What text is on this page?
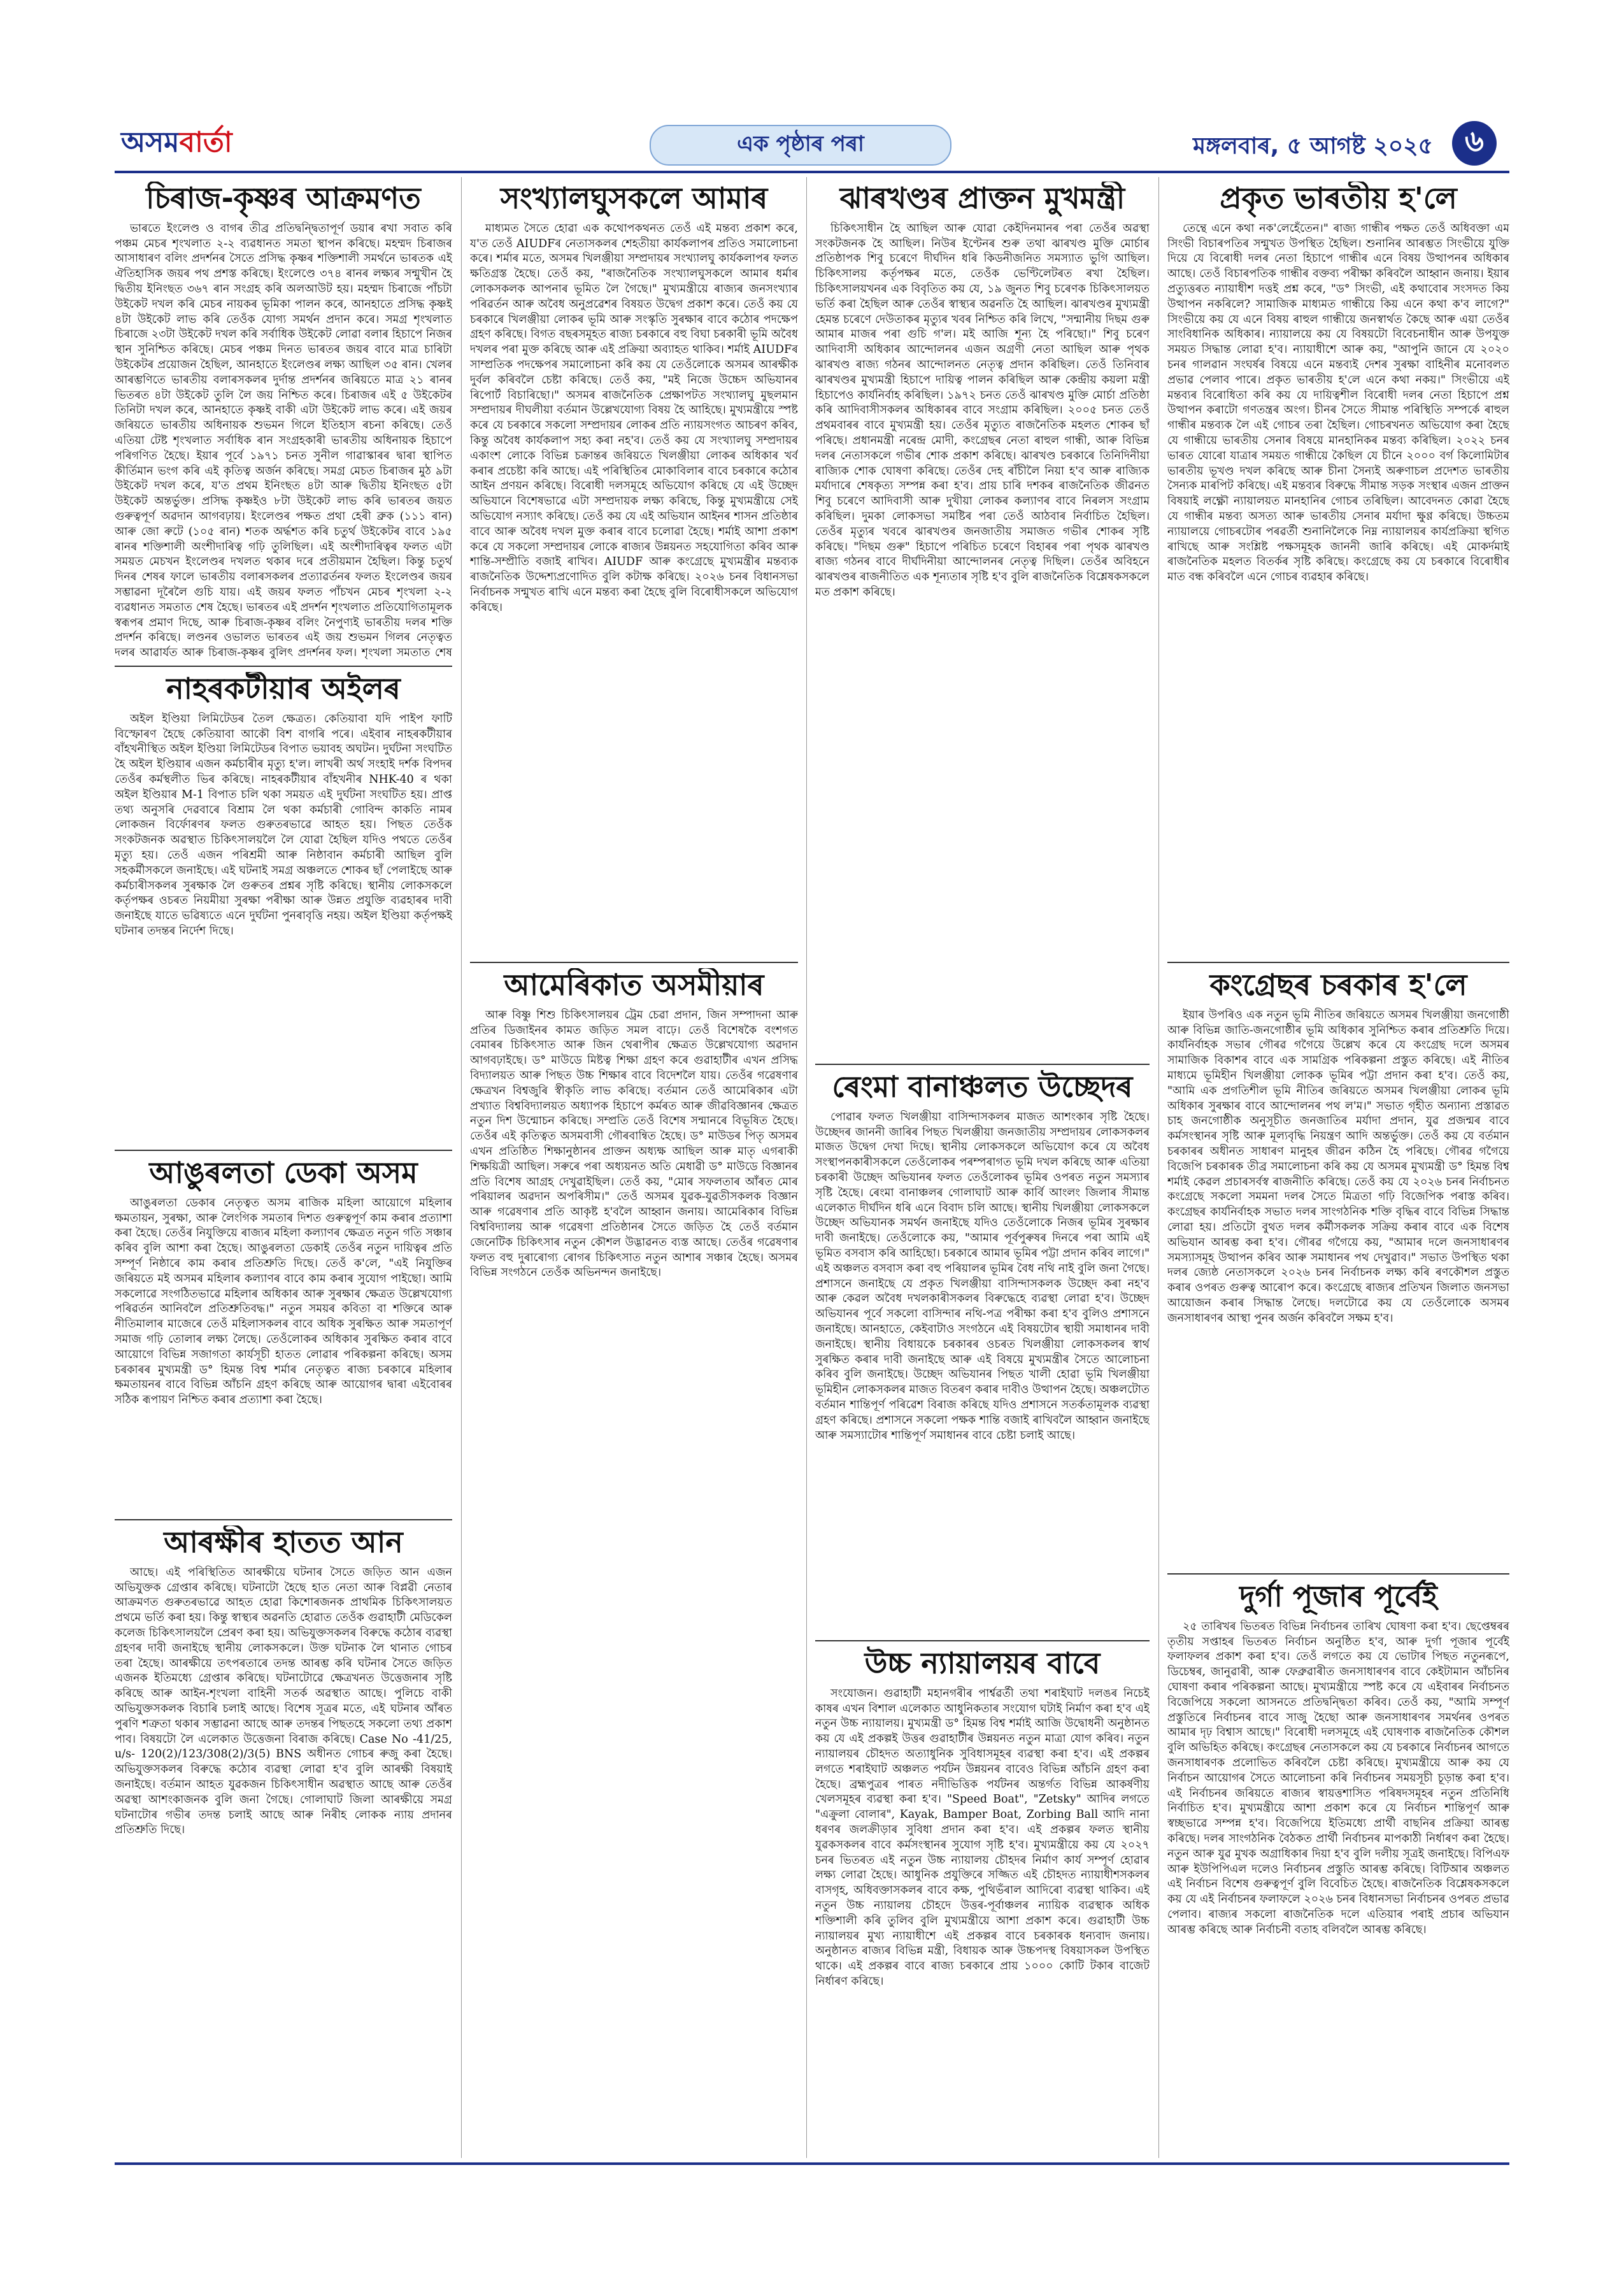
অসম বাৰ্তা	এক পৃষ্ঠাৰ পৰা	মঙ্গলবাৰ, ৫ আগষ্ট ২০২৫	৬
চিৰাজ-কৃষ্ণৰ আক্ৰমণত

ভাৰতে ইংলেণ্ড ও বাগৰ তীব্ৰ প্ৰতিদ্বন্দ্বিতাপূৰ্ণ ডয়াৰ ৰখা সবাত কৰি পঞ্চম মেচৰ শৃংখলাত ২-২ ব্যৱধানত সমতা স্থাপন কৰিছে। মহম্মদ চিৰাজৰ আসাধাৰণ বলিং প্ৰদৰ্শনৰ সৈতে প্ৰসিদ্ধ কৃষ্ণৰ শক্তিশালী সমৰ্থনে ভাৰতক এই ঐতিহাসিক জয়ৰ পথ প্ৰশস্ত কৰিছে। ইংলেণ্ডে ৩৭৪ ৰানৰ লক্ষ্যৰ সন্মুখীন হৈ দ্বিতীয় ইনিংছত ৩৬৭ ৰান সংগ্ৰহ কৰি অলআউট হয়। মহম্মদ চিৰাজে পাঁচটা উইকেট দখল কৰি মেচৰ নায়কৰ ভূমিকা পালন কৰে, আনহাতে প্ৰসিদ্ধ কৃষ্ণই ৪টা উইকেট লাভ কৰি তেওঁক যোগ্য সমৰ্থন প্ৰদান কৰে। সমগ্ৰ শৃংখলাত চিৰাজে ২৩টা উইকেট দখল কৰি সৰ্বাধিক উইকেট লোৱা বলাৰ হিচাপে নিজৰ স্থান সুনিশ্চিত কৰিছে। মেচৰ পঞ্চম দিনত ভাৰতৰ জয়ৰ বাবে মাত্ৰ চাৰিটা উইকেটৰ প্ৰয়োজন হৈছিল, আনহাতে ইংলেণ্ডৰ লক্ষ্য আছিল ৩৫ ৰান। খেলৰ আৰম্ভণিতে ভাৰতীয় বলাৰসকলৰ দুৰ্দান্ত প্ৰদৰ্শনৰ জৰিয়তে মাত্ৰ ২১ ৰানৰ ভিতৰত ৪টা উইকেট তুলি লৈ জয় নিশ্চিত কৰে। চিৰাজৰ এই ৫ উইকেটৰ তিনিটা দখল কৰে, আনহাতে কৃষ্ণই বাকী এটা উইকেট লাভ কৰে। এই জয়ৰ জৰিয়তে ভাৰতীয় অধিনায়ক শুভমন গিলে ইতিহাস ৰচনা কৰিছে। তেওঁ এতিয়া টেষ্ট শৃংখলাত সৰ্বাধিক ৰান সংগ্ৰহকাৰী ভাৰতীয় অধিনায়ক হিচাপে পৰিগণিত হৈছে। ইয়াৰ পূৰ্বে ১৯৭১ চনত সুনীল গাৱাস্কাৰৰ দ্বাৰা স্থাপিত কীৰ্তিমান ভংগ কৰি এই কৃতিত্ব অৰ্জন কৰিছে। সমগ্ৰ মেচত চিৰাজৰ মুঠ ৯টা উইকেট দখল কৰে, য'ত প্ৰথম ইনিংছত ৪টা আৰু দ্বিতীয় ইনিংছত ৫টা উইকেট অন্তৰ্ভুক্ত। প্ৰসিদ্ধ কৃষ্ণইও ৮টা উইকেট লাভ কৰি ভাৰতৰ জয়ত গুৰুত্বপূৰ্ণ অৱদান আগবঢ়ায়। ইংলেণ্ডৰ পক্ষত প্ৰথা হেৰী ব্ৰুক (১১১ ৰান) আৰু জো ৰুটে (১০৫ ৰান) শতক অৰ্দ্ধশত কৰি চতুৰ্থ উইকেটৰ বাবে ১৯৫ ৰানৰ শক্তিশালী অংশীদাৰিত্ব গঢ়ি তুলিছিল। এই অংশীদাৰিত্বৰ ফলত এটা সময়ত মেচখন ইংলেণ্ডৰ দখলত থকাৰ দৰে প্ৰতীয়মান হৈছিল। কিন্তু চতুৰ্থ দিনৰ শেষৰ ফালে ভাৰতীয় বলাৰসকলৰ প্ৰত্যাৱৰ্তনৰ ফলত ইংলেণ্ডৰ জয়ৰ সম্ভাৱনা দূৰৈলৈ গুচি যায়। এই জয়ৰ ফলত পাঁচখন মেচৰ শৃংখলা ২-২ ব্যৱধানত সমতাত শেষ হৈছে। ভাৰতৰ এই প্ৰদৰ্শন শৃংখলাত প্ৰতিযোগিতামূলক স্বৰূপৰ প্ৰমাণ দিছে, আৰু চিৰাজ-কৃষ্ণৰ বলিং নৈপুণ্যই ভাৰতীয় দলৰ শক্তি প্ৰদৰ্শন কৰিছে। লণ্ডনৰ ওভালত ভাৰতৰ এই জয় শুভমন গিলৰ নেতৃত্বত দলৰ আৱাৰ্যত আৰু চিৰাজ-কৃষ্ণৰ বুলিৎ প্ৰদৰ্শনৰ ফল। শৃংখলা সমতাত শেষ

নাহৰকটীয়াৰ অইলৰ

অইল ইণ্ডিয়া লিমিটেডৰ তৈল ক্ষেত্ৰত। কেতিয়াবা যদি পাইপ ফাটি বিস্ফোৰণ হৈছে কেতিয়াবা আকৌ বিশ বাগৰি পৰে। এইবাৰ নাহৰকটীয়াৰ বাঁহখনীস্থিত অইল ইণ্ডিয়া লিমিটেডৰ বিপাত ভয়াবহ অঘটন। দুৰ্ঘটনা সংঘটিত হৈ অইল ইণ্ডিয়াৰ এজন কৰ্মচাৰীৰ মৃত্যু হ'ল। লাখৰী অৰ্থ সংহাই দৰ্শক বিপদৰ তেওঁৰ কৰ্মস্থলীত ভিৰ কৰিছে। নাহৰকটীয়াৰ বাঁহখনীৰ NHK-40 ৰ থকা অইল ইণ্ডিয়াৰ M-1 বিপাত চলি থকা সময়ত এই দুৰ্ঘটনা সংঘটিত হয়। প্ৰাপ্ত তথ্য অনুসৰি দেৱবাৰে বিশ্ৰাম লৈ থকা কৰ্মচাৰী গোবিন্দ কাকতি নামৰ লোকজন বিৰ্ফোৰণৰ ফলত গুৰুতৰভাৱে আহত হয়। পিছত তেওঁক সংকটজনক অৱস্থাত চিকিৎসালয়লৈ লৈ যোৱা হৈছিল যদিও পথতে তেওঁৰ মৃত্যু হয়। তেওঁ এজন পৰিশ্ৰমী আৰু নিষ্ঠাবান কৰ্মচাৰী আছিল বুলি সহকৰ্মীসকলে জনাইছে। এই ঘটনাই সমগ্ৰ অঞ্চলতে শোকৰ ছাঁ পেলাইছে আৰু কৰ্মচাৰীসকলৰ সুৰক্ষাক লৈ গুৰুতৰ প্ৰশ্নৰ সৃষ্টি কৰিছে। স্থানীয় লোকসকলে কৰ্তৃপক্ষৰ ওচৰত নিয়মীয়া সুৰক্ষা পৰীক্ষা আৰু উন্নত প্ৰযুক্তি ব্যৱহাৰৰ দাবী জনাইছে যাতে ভৱিষ্যতে এনে দুৰ্ঘটনা পুনৰাবৃত্তি নহয়। অইল ইণ্ডিয়া কৰ্তৃপক্ষই ঘটনাৰ তদন্তৰ নিৰ্দেশ দিছে।

আঙুৰলতা ডেকা অসম

আঙুৰলতা ডেকাৰ নেতৃত্বত অসম ৰাজিক মহিলা আয়োগে মহিলাৰ ক্ষমতায়ন, সুৰক্ষা, আৰু লৈংগিক সমতাৰ দিশত গুৰুত্বপূৰ্ণ কাম কৰাৰ প্ৰত্যাশা কৰা হৈছে। তেওঁৰ নিযুক্তিয়ে ৰাজ্যৰ মহিলা কল্যাণৰ ক্ষেত্ৰত নতুন গতি সঞ্চাৰ কৰিব বুলি আশা কৰা হৈছে। আঙুৰলতা ডেকাই তেওঁৰ নতুন দায়িত্বৰ প্ৰতি সম্পূৰ্ণ নিষ্ঠাৰে কাম কৰাৰ প্ৰতিশ্ৰুতি দিছে। তেওঁ ক'লে, "এই নিযুক্তিৰ জৰিয়তে মই অসমৰ মহিলাৰ কল্যাণৰ বাবে কাম কৰাৰ সুযোগ পাইছো। আমি সকলোৱে সংগঠিতভাৱে মহিলাৰ অধিকাৰ আৰু সুৰক্ষাৰ ক্ষেত্ৰত উল্লেখযোগ্য পৰিৱৰ্তন আনিবলৈ প্ৰতিশ্ৰুতিবদ্ধ।" নতুন সময়ৰ কবিতা বা শক্তিৰে আৰু নীতিমালাৰ মাজেৰে তেওঁ মহিলাসকলৰ বাবে অধিক সুৰক্ষিত আৰু সমতাপূৰ্ণ সমাজ গঢ়ি তোলাৰ লক্ষ্য লৈছে। তেওঁলোকৰ অধিকাৰ সুৰক্ষিত কৰাৰ বাবে আয়োগে বিভিন্ন সজাগতা কাৰ্যসূচী হাতত লোৱাৰ পৰিকল্পনা কৰিছে। অসম চৰকাৰৰ মুখ্যমন্ত্ৰী ড° হিমন্ত বিশ্ব শৰ্মাৰ নেতৃত্বত ৰাজ্য চৰকাৰে মহিলাৰ ক্ষমতায়নৰ বাবে বিভিন্ন আঁচনি গ্ৰহণ কৰিছে আৰু আয়োগৰ দ্বাৰা এইবোৰৰ সঠিক ৰূপায়ণ নিশ্চিত কৰাৰ প্ৰত্যাশা কৰা হৈছে।

আৰক্ষীৰ হাতত আন

আছে। এই পৰিস্থিতিত আৰক্ষীয়ে ঘটনাৰ সৈতে জড়িত আন এজন অভিযুক্তক গ্ৰেপ্তাৰ কৰিছে। ঘটনাটো হৈছে হাত নেতা আৰু বিপ্লৱী নেতাৰ আক্ৰমণত গুৰুতৰভাৱে আহত হোৱা কিশোৰজনক প্ৰাথমিক চিকিৎসালয়ত প্ৰথমে ভৰ্তি কৰা হয়। কিন্তু স্বাস্থ্যৰ অৱনতি হোৱাত তেওঁক গুৱাহাটী মেডিকেল কলেজ চিকিৎসালয়লৈ প্ৰেৰণ কৰা হয়। অভিযুক্তসকলৰ বিৰুদ্ধে কঠোৰ ব্যৱস্থা গ্ৰহণৰ দাবী জনাইছে স্থানীয় লোকসকলে। উক্ত ঘটনাক লৈ থানাত গোচৰ তৰা হৈছে। আৰক্ষীয়ে তৎপৰতাৰে তদন্ত আৰম্ভ কৰি ঘটনাৰ সৈতে জড়িত এজনক ইতিমধ্যে গ্ৰেপ্তাৰ কৰিছে। ঘটনাটোৱে ক্ষেত্ৰখনত উত্তেজনাৰ সৃষ্টি কৰিছে আৰু আইন-শৃংখলা বাহিনী সতৰ্ক অৱস্থাত আছে। পুলিচে বাকী অভিযুক্তসকলক বিচাৰি চলাই আছে। বিশেষ সূত্ৰৰ মতে, এই ঘটনাৰ আঁৰত পুৰণি শত্ৰুতা থকাৰ সম্ভাৱনা আছে আৰু তদন্তৰ পিছতহে সকলো তথ্য প্ৰকাশ পাব। বিষয়টো লৈ এলেকাত উত্তেজনা বিৰাজ কৰিছে। Case No -41/25, u/s- 120(2)/123/308(2)/3(5) BNS অধীনত গোচৰ ৰুজু কৰা হৈছে। অভিযুক্তসকলৰ বিৰুদ্ধে কঠোৰ ব্যৱস্থা লোৱা হ'ব বুলি আৰক্ষী বিষয়াই জনাইছে। বৰ্তমান আহত যুৱকজন চিকিৎসাধীন অৱস্থাত আছে আৰু তেওঁৰ অৱস্থা আশংকাজনক বুলি জনা গৈছে। গোলাঘাট জিলা আৰক্ষীয়ে সমগ্ৰ ঘটনাটোৰ গভীৰ তদন্ত চলাই আছে আৰু নিৰীহ লোকক ন্যায় প্ৰদানৰ প্ৰতিশ্ৰুতি দিছে।

সংখ্যালঘুসকলে আমাৰ

মাধ্যমত সৈতে হোৱা এক কথোপকথনত তেওঁ এই মন্তব্য প্ৰকাশ কৰে, য'ত তেওঁ AIUDFৰ নেতাসকলৰ শেহতীয়া কাৰ্যকলাপৰ প্ৰতিও সমালোচনা কৰে। শৰ্মাৰ মতে, অসমৰ খিলঞ্জীয়া সম্প্ৰদায়ৰ সংখ্যালঘু কাৰ্যকলাপৰ ফলত ক্ষতিগ্ৰস্ত হৈছে। তেওঁ কয়, "ৰাজনৈতিক সংখ্যালঘুসকলে আমাৰ ধৰ্মাৰ লোকসকলক আপনাৰ ভূমিত লৈ গৈছে।" মুখ্যমন্ত্ৰীয়ে ৰাজ্যৰ জনসংখ্যাৰ পৰিৱৰ্তন আৰু অবৈধ অনুপ্ৰৱেশৰ বিষয়ত উদ্বেগ প্ৰকাশ কৰে। তেওঁ কয় যে চৰকাৰে খিলঞ্জীয়া লোকৰ ভূমি আৰু সংস্কৃতি সুৰক্ষাৰ বাবে কঠোৰ পদক্ষেপ গ্ৰহণ কৰিছে। বিগত বছৰসমূহত ৰাজ্য চৰকাৰে বহু বিঘা চৰকাৰী ভূমি অবৈধ দখলৰ পৰা মুক্ত কৰিছে আৰু এই প্ৰক্ৰিয়া অব্যাহত থাকিব। শৰ্মাই AIUDFৰ সাম্প্ৰতিক পদক্ষেপৰ সমালোচনা কৰি কয় যে তেওঁলোকে অসমৰ আৰক্ষীক দুৰ্বল কৰিবলৈ চেষ্টা কৰিছে। তেওঁ কয়, "মই নিজে উচ্চেদ অভিযানৰ ৰিপোৰ্ট বিচাৰিছো।" অসমৰ ৰাজনৈতিক প্ৰেক্ষাপটত সংখ্যালঘু মুছলমান সম্প্ৰদায়ৰ দীঘলীয়া বৰ্তমান উল্লেখযোগ্য বিষয় হৈ আহিছে। মুখ্যমন্ত্ৰীয়ে স্পষ্ট কৰে যে চৰকাৰে সকলো সম্প্ৰদায়ৰ লোকৰ প্ৰতি ন্যায়সংগত আচৰণ কৰিব, কিন্তু অবৈধ কাৰ্যকলাপ সহ্য কৰা নহ'ব। তেওঁ কয় যে সংখ্যালঘু সম্প্ৰদায়ৰ একাংশ লোকে বিভিন্ন চক্ৰান্তৰ জৰিয়তে খিলঞ্জীয়া লোকৰ অধিকাৰ খৰ্ব কৰাৰ প্ৰচেষ্টা কৰি আছে। এই পৰিস্থিতিৰ মোকাবিলাৰ বাবে চৰকাৰে কঠোৰ আইন প্ৰণয়ন কৰিছে। বিৰোধী দলসমূহে অভিযোগ কৰিছে যে এই উচ্ছেদ অভিযানে বিশেষভাৱে এটা সম্প্ৰদায়ক লক্ষ্য কৰিছে, কিন্তু মুখ্যমন্ত্ৰীয়ে সেই অভিযোগ নস্যাৎ কৰিছে। তেওঁ কয় যে এই অভিযান আইনৰ শাসন প্ৰতিষ্ঠাৰ বাবে আৰু অবৈধ দখল মুক্ত কৰাৰ বাবে চলোৱা হৈছে। শৰ্মাই আশা প্ৰকাশ কৰে যে সকলো সম্প্ৰদায়ৰ লোকে ৰাজ্যৰ উন্নয়নত সহযোগিতা কৰিব আৰু শান্তি-সম্প্ৰীতি বজাই ৰাখিব। AIUDF আৰু কংগ্ৰেছে মুখ্যমন্ত্ৰীৰ মন্তব্যক ৰাজনৈতিক উদ্দেশ্যপ্ৰণোদিত বুলি কটাক্ষ কৰিছে। ২০২৬ চনৰ বিধানসভা নিৰ্বাচনক সন্মুখত ৰাখি এনে মন্তব্য কৰা হৈছে বুলি বিৰোধীসকলে অভিযোগ কৰিছে।

আমেৰিকাত অসমীয়াৰ

আৰু বিষ্ণু শিশু চিকিৎসালয়ৰ ট্ৰেম চেৱা প্ৰদান, জিন সম্পাদনা আৰু প্ৰতিৰ ডিজাইনৰ কামত জড়িত সমল বাঢ়ে। তেওঁ বিশেষকৈ বংশগত বেমাৰৰ চিকিৎসাত আৰু জিন থেৰাপীৰ ক্ষেত্ৰত উল্লেখযোগ্য অৱদান আগবঢ়াইছে। ড° মাউডে মিষ্টত্ব শিক্ষা গ্ৰহণ কৰে গুৱাহাটীৰ এখন প্ৰসিদ্ধ বিদ্যালয়ত আৰু পিছত উচ্চ শিক্ষাৰ বাবে বিদেশলৈ যায়। তেওঁৰ গৱেষণাৰ ক্ষেত্ৰখন বিশ্বজুৰি স্বীকৃতি লাভ কৰিছে। বৰ্তমান তেওঁ আমেৰিকাৰ এটা প্ৰখ্যাত বিশ্ববিদ্যালয়ত অধ্যাপক হিচাপে কৰ্মৰত আৰু জীৱবিজ্ঞানৰ ক্ষেত্ৰত নতুন দিশ উন্মোচন কৰিছে। সম্প্ৰতি তেওঁ বিশেষ সন্মানৰে বিভূষিত হৈছে। তেওঁৰ এই কৃতিত্বত অসমবাসী গৌৰবান্বিত হৈছে। ড° মাউডৰ পিতৃ অসমৰ এখন প্ৰতিষ্ঠিত শিক্ষানুষ্ঠানৰ প্ৰাক্তন অধ্যক্ষ আছিল আৰু মাতৃ এগৰাকী শিক্ষয়িত্ৰী আছিল। সৰুৰে পৰা অধ্যয়নত অতি মেধাৱী ড° মাউডে বিজ্ঞানৰ প্ৰতি বিশেষ আগ্ৰহ দেখুৱাইছিল। তেওঁ কয়, "মোৰ সফলতাৰ আঁৰত মোৰ পৰিয়ালৰ অৱদান অপৰিসীম।" তেওঁ অসমৰ যুৱক-যুৱতীসকলক বিজ্ঞান আৰু গৱেষণাৰ প্ৰতি আকৃষ্ট হ'বলৈ আহ্বান জনায়। আমেৰিকাৰ বিভিন্ন বিশ্ববিদ্যালয় আৰু গৱেষণা প্ৰতিষ্ঠানৰ সৈতে জড়িত হৈ তেওঁ বৰ্তমান জেনেটিক চিকিৎসাৰ নতুন কৌশল উদ্ভাৱনত ব্যস্ত আছে। তেওঁৰ গৱেষণাৰ ফলত বহু দুৰাৰোগ্য ৰোগৰ চিকিৎসাত নতুন আশাৰ সঞ্চাৰ হৈছে। অসমৰ বিভিন্ন সংগঠনে তেওঁক অভিনন্দন জনাইছে।

ঝাৰখণ্ডৰ প্ৰাক্তন মুখমন্ত্ৰী

চিকিৎসাধীন হৈ আছিল আৰু যোৱা কেইদিনমানৰ পৰা তেওঁৰ অৱস্থা সংকটজনক হৈ আছিল। নিউৰ ইণ্টেনৰ শুৰু তথা ঝাৰখণ্ড মুক্তি মোৰ্চাৰ প্ৰতিষ্ঠাপক শিবু চৰেণে দীৰ্ঘদিন ধৰি কিডনীজনিত সমস্যাত ভুগি আছিল। চিকিৎসালয় কৰ্তৃপক্ষৰ মতে, তেওঁক ভেণ্টিলেটৰত ৰখা হৈছিল। চিকিৎসালয়খনৰ এক বিবৃতিত কয় যে, ১৯ জুনত শিবু চৰেণক চিকিৎসালয়ত ভৰ্তি কৰা হৈছিল আৰু তেওঁৰ স্বাস্থ্যৰ অৱনতি হৈ আছিল। ঝাৰখণ্ডৰ মুখ্যমন্ত্ৰী হেমন্ত চৰেণে দেউতাকৰ মৃত্যুৰ খবৰ নিশ্চিত কৰি লিখে, "সন্মানীয় দিছম গুৰু আমাৰ মাজৰ পৰা গুচি গ'ল। মই আজি শূন্য হৈ পৰিছো।" শিবু চৰেণ আদিবাসী অধিকাৰ আন্দোলনৰ এজন অগ্ৰণী নেতা আছিল আৰু পৃথক ঝাৰখণ্ড ৰাজ্য গঠনৰ আন্দোলনত নেতৃত্ব প্ৰদান কৰিছিল। তেওঁ তিনিবাৰ ঝাৰখণ্ডৰ মুখ্যমন্ত্ৰী হিচাপে দায়িত্ব পালন কৰিছিল আৰু কেন্দ্ৰীয় কয়লা মন্ত্ৰী হিচাপেও কাৰ্যনিৰ্বাহ কৰিছিল। ১৯৭২ চনত তেওঁ ঝাৰখণ্ড মুক্তি মোৰ্চা প্ৰতিষ্ঠা কৰি আদিবাসীসকলৰ অধিকাৰৰ বাবে সংগ্ৰাম কৰিছিল। ২০০৫ চনত তেওঁ প্ৰথমবাৰৰ বাবে মুখ্যমন্ত্ৰী হয়। তেওঁৰ মৃত্যুত ৰাজনৈতিক মহলত শোকৰ ছাঁ পৰিছে। প্ৰধানমন্ত্ৰী নৰেন্দ্ৰ মোদী, কংগ্ৰেছৰ নেতা ৰাহুল গান্ধী, আৰু বিভিন্ন দলৰ নেতাসকলে গভীৰ শোক প্ৰকাশ কৰিছে। ঝাৰখণ্ড চৰকাৰে তিনিদিনীয়া ৰাজ্যিক শোক ঘোষণা কৰিছে। তেওঁৰ দেহ ৰাঁচীলৈ নিয়া হ'ব আৰু ৰাজ্যিক মৰ্যাদাৰে শেষকৃত্য সম্পন্ন কৰা হ'ব। প্ৰায় চাৰি দশকৰ ৰাজনৈতিক জীৱনত শিবু চৰেণে আদিবাসী আৰু দুখীয়া লোকৰ কল্যাণৰ বাবে নিৰলস সংগ্ৰাম কৰিছিল। দুমকা লোকসভা সমষ্টিৰ পৰা তেওঁ আঠবাৰ নিৰ্বাচিত হৈছিল। তেওঁৰ মৃত্যুৰ খবৰে ঝাৰখণ্ডৰ জনজাতীয় সমাজত গভীৰ শোকৰ সৃষ্টি কৰিছে। "দিছম গুৰু" হিচাপে পৰিচিত চৰেণে বিহাৰৰ পৰা পৃথক ঝাৰখণ্ড ৰাজ্য গঠনৰ বাবে দীৰ্ঘদিনীয়া আন্দোলনৰ নেতৃত্ব দিছিল। তেওঁৰ অবিহনে ঝাৰখণ্ডৰ ৰাজনীতিত এক শূন্যতাৰ সৃষ্টি হ'ব বুলি ৰাজনৈতিক বিশ্লেষকসকলে মত প্ৰকাশ কৰিছে।

ৰেংমা বানাঞ্চলত উচ্ছেদৰ

পোৱাৰ ফলত খিলঞ্জীয়া বাসিন্দাসকলৰ মাজত আশংকাৰ সৃষ্টি হৈছে। উচ্ছেদৰ জাননী জাৰিৰ পিছত খিলঞ্জীয়া জনজাতীয় সম্প্ৰদায়ৰ লোকসকলৰ মাজত উদ্বেগ দেখা দিছে। স্থানীয় লোকসকলে অভিযোগ কৰে যে অবৈধ সংস্থাপনকাৰীসকলে তেওঁলোকৰ পৰম্পৰাগত ভূমি দখল কৰিছে আৰু এতিয়া চৰকাৰী উচ্ছেদ অভিযানৰ ফলত তেওঁলোকৰ ভূমিৰ ওপৰত নতুন সমস্যাৰ সৃষ্টি হৈছে। ৰেংমা বানাঞ্চলৰ গোলাঘাট আৰু কাৰ্বি আংলং জিলাৰ সীমান্ত এলেকাত দীৰ্ঘদিন ধৰি এনে বিবাদ চলি আছে। স্থানীয় খিলঞ্জীয়া লোকসকলে উচ্ছেদ অভিযানক সমৰ্থন জনাইছে যদিও তেওঁলোকে নিজৰ ভূমিৰ সুৰক্ষাৰ দাবী জনাইছে। তেওঁলোকে কয়, "আমাৰ পূৰ্বপুৰুষৰ দিনৰে পৰা আমি এই ভূমিত বসবাস কৰি আহিছো। চৰকাৰে আমাৰ ভূমিৰ পট্টা প্ৰদান কৰিব লাগে।" এই অঞ্চলত বসবাস কৰা বহু পৰিয়ালৰ ভূমিৰ বৈধ নথি নাই বুলি জনা গৈছে। প্ৰশাসনে জনাইছে যে প্ৰকৃত খিলঞ্জীয়া বাসিন্দাসকলক উচ্ছেদ কৰা নহ'ব আৰু কেৱল অবৈধ দখলকাৰীসকলৰ বিৰুদ্ধেহে ব্যৱস্থা লোৱা হ'ব। উচ্ছেদ অভিযানৰ পূৰ্বে সকলো বাসিন্দাৰ নথি-পত্ৰ পৰীক্ষা কৰা হ'ব বুলিও প্ৰশাসনে জনাইছে। আনহাতে, কেইবাটাও সংগঠনে এই বিষয়টোৰ স্থায়ী সমাধানৰ দাবী জনাইছে। স্থানীয় বিধায়কে চৰকাৰৰ ওচৰত খিলঞ্জীয়া লোকসকলৰ স্বাৰ্থ সুৰক্ষিত কৰাৰ দাবী জনাইছে আৰু এই বিষয়ে মুখ্যমন্ত্ৰীৰ সৈতে আলোচনা কৰিব বুলি জনাইছে। উচ্ছেদ অভিযানৰ পিছত খালী হোৱা ভূমি খিলঞ্জীয়া ভূমিহীন লোকসকলৰ মাজত বিতৰণ কৰাৰ দাবীও উত্থাপন হৈছে। অঞ্চলটোত বৰ্তমান শান্তিপূৰ্ণ পৰিৱেশ বিৰাজ কৰিছে যদিও প্ৰশাসনে সতৰ্কতামূলক ব্যৱস্থা গ্ৰহণ কৰিছে। প্ৰশাসনে সকলো পক্ষক শান্তি বজাই ৰাখিবলৈ আহ্বান জনাইছে আৰু সমস্যাটোৰ শান্তিপূৰ্ণ সমাধানৰ বাবে চেষ্টা চলাই আছে।

উচ্চ ন্যায়ালয়ৰ বাবে

সংযোজন। গুৱাহাটী মহানগৰীৰ পাৰ্শ্বৱৰ্তী তথা শৰাইঘাট দলঙৰ নিচেই কাষৰ এখন বিশাল এলেকাত আধুনিকতাৰ সংযোগ ঘটাই নিৰ্মাণ কৰা হ'ব এই নতুন উচ্চ ন্যায়ালয়। মুখ্যমন্ত্ৰী ড° হিমন্ত বিশ্ব শৰ্মাই আজি উদ্বোধনী অনুষ্ঠানত কয় যে এই প্ৰকল্পই উত্তৰ গুৱাহাটীৰ উন্নয়নত নতুন মাত্ৰা যোগ কৰিব। নতুন ন্যায়ালয়ৰ চৌহদত অত্যাধুনিক সুবিধাসমূহৰ ব্যৱস্থা কৰা হ'ব। এই প্ৰকল্পৰ লগতে শৰাইঘাট অঞ্চলত পৰ্যটন উন্নয়নৰ বাবেও বিভিন্ন আঁচনি গ্ৰহণ কৰা হৈছে। ব্ৰহ্মপুত্ৰৰ পাৰত নদীভিত্তিক পৰ্যটনৰ অন্তৰ্গত বিভিন্ন আকৰ্ষণীয় খেলসমূহৰ ব্যৱস্থা কৰা হ'ব। "Speed Boat", "Zetsky" আদিৰ লগতে "এক্ৰুলা বোলাৰ", Kayak, Bamper Boat, Zorbing Ball আদি নানা ধৰণৰ জলক্ৰীড়াৰ সুবিধা প্ৰদান কৰা হ'ব। এই প্ৰকল্পৰ ফলত স্থানীয় যুৱকসকলৰ বাবে কৰ্মসংস্থানৰ সুযোগ সৃষ্টি হ'ব। মুখ্যমন্ত্ৰীয়ে কয় যে ২০২৭ চনৰ ভিতৰত এই নতুন উচ্চ ন্যায়ালয় চৌহদৰ নিৰ্মাণ কাৰ্য সম্পূৰ্ণ হোৱাৰ লক্ষ্য লোৱা হৈছে। আধুনিক প্ৰযুক্তিৰে সজ্জিত এই চৌহদত ন্যায়াধীশসকলৰ বাসগৃহ, অধিবক্তাসকলৰ বাবে কক্ষ, পুথিভঁৰাল আদিৰো ব্যৱস্থা থাকিব। এই নতুন উচ্চ ন্যায়ালয় চৌহদে উত্তৰ-পূৰ্বাঞ্চলৰ ন্যায়িক ব্যৱস্থাক অধিক শক্তিশালী কৰি তুলিব বুলি মুখ্যমন্ত্ৰীয়ে আশা প্ৰকাশ কৰে। গুৱাহাটী উচ্চ ন্যায়ালয়ৰ মুখ্য ন্যায়াধীশে এই প্ৰকল্পৰ বাবে চৰকাৰক ধন্যবাদ জনায়। অনুষ্ঠানত ৰাজ্যৰ বিভিন্ন মন্ত্ৰী, বিধায়ক আৰু উচ্চপদস্থ বিষয়াসকল উপস্থিত থাকে। এই প্ৰকল্পৰ বাবে ৰাজ্য চৰকাৰে প্ৰায় ১০০০ কোটি টকাৰ বাজেট নিৰ্ধাৰণ কৰিছে।

প্ৰকৃত ভাৰতীয় হ'লে

তেন্থে এনে কথা নক'লেহেঁতেন।" ৰাজ্য গান্ধীৰ পক্ষত তেওঁ অধিবক্তা এম সিংভী বিচাৰপতিৰ সন্মুখত উপস্থিত হৈছিল। শুনানিৰ আৰম্ভত সিংভীয়ে যুক্তি দিয়ে যে বিৰোধী দলৰ নেতা হিচাপে গান্ধীৰ এনে বিষয় উত্থাপনৰ অধিকাৰ আছে। তেওঁ বিচাৰপতিক গান্ধীৰ বক্তব্য পৰীক্ষা কৰিবলৈ আহ্বান জনায়। ইয়াৰ প্ৰত্যুত্তৰত ন্যায়াধীশ দত্তই প্ৰশ্ন কৰে, "ড° সিংভী, এই কথাবোৰ সংসদত কিয় উত্থাপন নকৰিলে? সামাজিক মাধ্যমত গান্ধীয়ে কিয় এনে কথা ক'ব লাগে?" সিংভীয়ে কয় যে এনে বিষয় ৰাহুল গান্ধীয়ে জনস্বাৰ্থত কৈছে আৰু এয়া তেওঁৰ সাংবিধানিক অধিকাৰ। ন্যায়ালয়ে কয় যে বিষয়টো বিবেচনাধীন আৰু উপযুক্ত সময়ত সিদ্ধান্ত লোৱা হ'ব। ন্যায়াধীশে আৰু কয়, "আপুনি জানে যে ২০২০ চনৰ গালৱান সংঘৰ্ষৰ বিষয়ে এনে মন্তব্যই দেশৰ সুৰক্ষা বাহিনীৰ মনোবলত প্ৰভাৱ পেলাব পাৰে। প্ৰকৃত ভাৰতীয় হ'লে এনে কথা নকয়।" সিংভীয়ে এই মন্তব্যৰ বিৰোধিতা কৰি কয় যে দায়িত্বশীল বিৰোধী দলৰ নেতা হিচাপে প্ৰশ্ন উত্থাপন কৰাটো গণতন্ত্ৰৰ অংগ। চীনৰ সৈতে সীমান্ত পৰিস্থিতি সম্পৰ্কে ৰাহুল গান্ধীৰ মন্তব্যক লৈ এই গোচৰ তৰা হৈছিল। গোচৰখনত অভিযোগ কৰা হৈছে যে গান্ধীয়ে ভাৰতীয় সেনাৰ বিষয়ে মানহানিকৰ মন্তব্য কৰিছিল। ২০২২ চনৰ ভাৰত যোৰো যাত্ৰাৰ সময়ত গান্ধীয়ে কৈছিল যে চীনে ২০০০ বৰ্গ কিলোমিটাৰ ভাৰতীয় ভূখণ্ড দখল কৰিছে আৰু চীনা সৈন্যই অৰুণাচল প্ৰদেশত ভাৰতীয় সৈন্যক মাৰপিট কৰিছে। এই মন্তব্যৰ বিৰুদ্ধে সীমান্ত সড়ক সংস্থাৰ এজন প্ৰাক্তন বিষয়াই লক্ষ্ণৌ ন্যায়ালয়ত মানহানিৰ গোচৰ তৰিছিল। আবেদনত কোৱা হৈছে যে গান্ধীৰ মন্তব্য অসত্য আৰু ভাৰতীয় সেনাৰ মৰ্যাদা ক্ষুণ্ণ কৰিছে। উচ্চতম ন্যায়ালয়ে গোচৰটোৰ পৰৱৰ্তী শুনানিলৈকে নিম্ন ন্যায়ালয়ৰ কাৰ্যপ্ৰক্ৰিয়া স্থগিত ৰাখিছে আৰু সংশ্লিষ্ট পক্ষসমূহক জাননী জাৰি কৰিছে। এই মোকৰ্দমাই ৰাজনৈতিক মহলত বিতৰ্কৰ সৃষ্টি কৰিছে। কংগ্ৰেছে কয় যে চৰকাৰে বিৰোধীৰ মাত বন্ধ কৰিবলৈ এনে গোচৰ ব্যৱহাৰ কৰিছে।

কংগ্ৰেছৰ চৰকাৰ হ'লে

ইয়াৰ উপৰিও এক নতুন ভূমি নীতিৰ জৰিয়তে অসমৰ খিলঞ্জীয়া জনগোষ্ঠী আৰু বিভিন্ন জাতি-জনগোষ্ঠীৰ ভূমি অধিকাৰ সুনিশ্চিত কৰাৰ প্ৰতিশ্ৰুতি দিয়ে। কাৰ্যনিৰ্বাহক সভাৰ গৌৰৱ গগৈয়ে উল্লেখ কৰে যে কংগ্ৰেছ দলে অসমৰ সামাজিক বিকাশৰ বাবে এক সামগ্ৰিক পৰিকল্পনা প্ৰস্তুত কৰিছে। এই নীতিৰ মাধ্যমে ভূমিহীন খিলঞ্জীয়া লোকক ভূমিৰ পট্টা প্ৰদান কৰা হ'ব। তেওঁ কয়, "আমি এক প্ৰগতিশীল ভূমি নীতিৰ জৰিয়তে অসমৰ খিলঞ্জীয়া লোকৰ ভূমি অধিকাৰ সুৰক্ষাৰ বাবে আন্দোলনৰ পথ ল'ম।" সভাত গৃহীত অন্যান্য প্ৰস্তাৱত চাহ জনগোষ্ঠীক অনুসূচীত জনজাতিৰ মৰ্যাদা প্ৰদান, যুৱ প্ৰজন্মৰ বাবে কৰ্মসংস্থানৰ সৃষ্টি আৰু মূল্যবৃদ্ধি নিয়ন্ত্ৰণ আদি অন্তৰ্ভুক্ত। তেওঁ কয় যে বৰ্তমান চৰকাৰৰ অধীনত সাধাৰণ মানুহৰ জীৱন কঠিন হৈ পৰিছে। গৌৰৱ গগৈয়ে বিজেপি চৰকাৰক তীব্ৰ সমালোচনা কৰি কয় যে অসমৰ মুখ্যমন্ত্ৰী ড° হিমন্ত বিশ্ব শৰ্মাই কেৱল প্ৰচাৰসৰ্বস্ব ৰাজনীতি কৰিছে। তেওঁ কয় যে ২০২৬ চনৰ নিৰ্বাচনত কংগ্ৰেছে সকলো সমমনা দলৰ সৈতে মিত্ৰতা গঢ়ি বিজেপিক পৰাস্ত কৰিব। কংগ্ৰেছৰ কাৰ্যনিৰ্বাহক সভাত দলৰ সাংগঠনিক শক্তি বৃদ্ধিৰ বাবে বিভিন্ন সিদ্ধান্ত লোৱা হয়। প্ৰতিটো বুথত দলৰ কৰ্মীসকলক সক্ৰিয় কৰাৰ বাবে এক বিশেষ অভিযান আৰম্ভ কৰা হ'ব। গৌৰৱ গগৈয়ে কয়, "আমাৰ দলে জনসাধাৰণৰ সমস্যাসমূহ উত্থাপন কৰিব আৰু সমাধানৰ পথ দেখুৱাব।" সভাত উপস্থিত থকা দলৰ জ্যেষ্ঠ নেতাসকলে ২০২৬ চনৰ নিৰ্বাচনক লক্ষ্য কৰি ৰণকৌশল প্ৰস্তুত কৰাৰ ওপৰত গুৰুত্ব আৰোপ কৰে। কংগ্ৰেছে ৰাজ্যৰ প্ৰতিখন জিলাত জনসভা আয়োজন কৰাৰ সিদ্ধান্ত লৈছে। দলটোৱে কয় যে তেওঁলোকে অসমৰ জনসাধাৰণৰ আস্থা পুনৰ অৰ্জন কৰিবলৈ সক্ষম হ'ব।

দুৰ্গা পূজাৰ পূৰ্বেই

২৫ তাৰিখৰ ভিতৰত বিভিন্ন নিৰ্বাচনৰ তাৰিখ ঘোষণা কৰা হ'ব। ছেপ্তেম্বৰৰ তৃতীয় সপ্তাহৰ ভিতৰত নিৰ্বাচন অনুষ্ঠিত হ'ব, আৰু দুৰ্গা পূজাৰ পূৰ্বেই ফলাফলৰ প্ৰকাশ কৰা হ'ব। তেওঁ লগতে কয় যে ভোটাৰ পিছত নতুনৰূপে, ডিচেম্বৰ, জানুৱাৰী, আৰু ফেব্ৰুৱাৰীত জনসাধাৰণৰ বাবে কেইটামান আঁচনিৰ ঘোষণা কৰাৰ পৰিকল্পনা আছে। মুখ্যমন্ত্ৰীয়ে স্পষ্ট কৰে যে এইবাৰৰ নিৰ্বাচনত বিজেপিয়ে সকলো আসনতে প্ৰতিদ্বন্দ্বিতা কৰিব। তেওঁ কয়, "আমি সম্পূৰ্ণ প্ৰস্তুতিৰে নিৰ্বাচনৰ বাবে সাজু হৈছো আৰু জনসাধাৰণৰ সমৰ্থনৰ ওপৰত আমাৰ দৃঢ় বিশ্বাস আছে।" বিৰোধী দলসমূহে এই ঘোষণাক ৰাজনৈতিক কৌশল বুলি অভিহিত কৰিছে। কংগ্ৰেছৰ নেতাসকলে কয় যে চৰকাৰে নিৰ্বাচনৰ আগতে জনসাধাৰণক প্ৰলোভিত কৰিবলৈ চেষ্টা কৰিছে। মুখ্যমন্ত্ৰীয়ে আৰু কয় যে নিৰ্বাচন আয়োগৰ সৈতে আলোচনা কৰি নিৰ্বাচনৰ সময়সূচী চূড়ান্ত কৰা হ'ব। এই নিৰ্বাচনৰ জৰিয়তে ৰাজ্যৰ স্বায়ত্তশাসিত পৰিষদসমূহৰ নতুন প্ৰতিনিধি নিৰ্বাচিত হ'ব। মুখ্যমন্ত্ৰীয়ে আশা প্ৰকাশ কৰে যে নিৰ্বাচন শান্তিপূৰ্ণ আৰু স্বচ্ছভাৱে সম্পন্ন হ'ব। বিজেপিয়ে ইতিমধ্যে প্ৰাৰ্থী বাছনিৰ প্ৰক্ৰিয়া আৰম্ভ কৰিছে। দলৰ সাংগঠনিক বৈঠকত প্ৰাৰ্থী নিৰ্বাচনৰ মাপকাঠী নিৰ্ধাৰণ কৰা হৈছে। নতুন আৰু যুৱ মুখক অগ্ৰাধিকাৰ দিয়া হ'ব বুলি দলীয় সূত্ৰই জনাইছে। বিপিএফ আৰু ইউপিপিএল দলেও নিৰ্বাচনৰ প্ৰস্তুতি আৰম্ভ কৰিছে। বিটিআৰ অঞ্চলত এই নিৰ্বাচন বিশেষ গুৰুত্বপূৰ্ণ বুলি বিবেচিত হৈছে। ৰাজনৈতিক বিশ্লেষকসকলে কয় যে এই নিৰ্বাচনৰ ফলাফলে ২০২৬ চনৰ বিধানসভা নিৰ্বাচনৰ ওপৰত প্ৰভাৱ পেলাব। ৰাজ্যৰ সকলো ৰাজনৈতিক দলে এতিয়াৰ পৰাই প্ৰচাৰ অভিযান আৰম্ভ কৰিছে আৰু নিৰ্বাচনী বতাহ বলিবলৈ আৰম্ভ কৰিছে।
